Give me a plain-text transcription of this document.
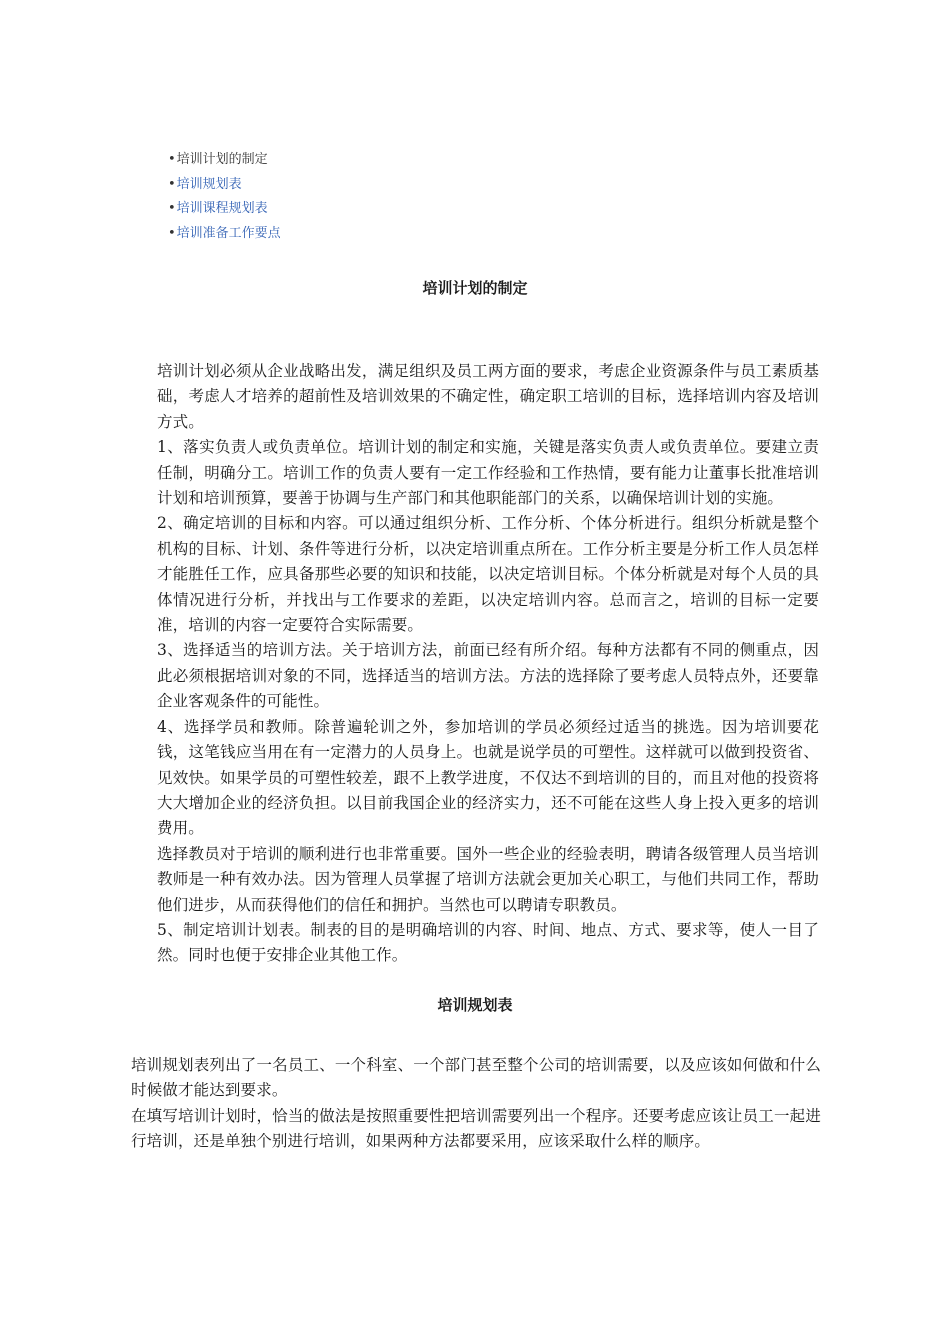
•培训计划的制定
•培训规划表
•培训课程规划表
•培训准备工作要点
培训计划的制定

培训计划必须从企业战略出发，满足组织及员工两方面的要求，考虑企业资源条件与员工素质基础，考虑人才培养的超前性及培训效果的不确定性，确定职工培训的目标，选择培训内容及培训方式。

1、落实负责人或负责单位。培训计划的制定和实施，关键是落实负责人或负责单位。要建立责任制，明确分工。培训工作的负责人要有一定工作经验和工作热情，要有能力让董事长批准培训计划和培训预算，要善于协调与生产部门和其他职能部门的关系，以确保培训计划的实施。

2、确定培训的目标和内容。可以通过组织分析、工作分析、个体分析进行。组织分析就是整个机构的目标、计划、条件等进行分析，以决定培训重点所在。工作分析主要是分析工作人员怎样才能胜任工作，应具备那些必要的知识和技能，以决定培训目标。个体分析就是对每个人员的具体情况进行分析，并找出与工作要求的差距，以决定培训内容。总而言之，培训的目标一定要准，培训的内容一定要符合实际需要。

3、选择适当的培训方法。关于培训方法，前面已经有所介绍。每种方法都有不同的侧重点，因此必须根据培训对象的不同，选择适当的培训方法。方法的选择除了要考虑人员特点外，还要靠企业客观条件的可能性。

4、选择学员和教师。除普遍轮训之外，参加培训的学员必须经过适当的挑选。因为培训要花钱，这笔钱应当用在有一定潜力的人员身上。也就是说学员的可塑性。这样就可以做到投资省、见效快。如果学员的可塑性较差，跟不上教学进度，不仅达不到培训的目的，而且对他的投资将大大增加企业的经济负担。以目前我国企业的经济实力，还不可能在这些人身上投入更多的培训费用。

选择教员对于培训的顺利进行也非常重要。国外一些企业的经验表明，聘请各级管理人员当培训教师是一种有效办法。因为管理人员掌握了培训方法就会更加关心职工，与他们共同工作，帮助他们进步，从而获得他们的信任和拥护。当然也可以聘请专职教员。

5、制定培训计划表。制表的目的是明确培训的内容、时间、地点、方式、要求等，使人一目了然。同时也便于安排企业其他工作。

培训规划表

培训规划表列出了一名员工、一个科室、一个部门甚至整个公司的培训需要，以及应该如何做和什么时候做才能达到要求。

在填写培训计划时，恰当的做法是按照重要性把培训需要列出一个程序。还要考虑应该让员工一起进行培训，还是单独个别进行培训，如果两种方法都要采用，应该采取什么样的顺序。
